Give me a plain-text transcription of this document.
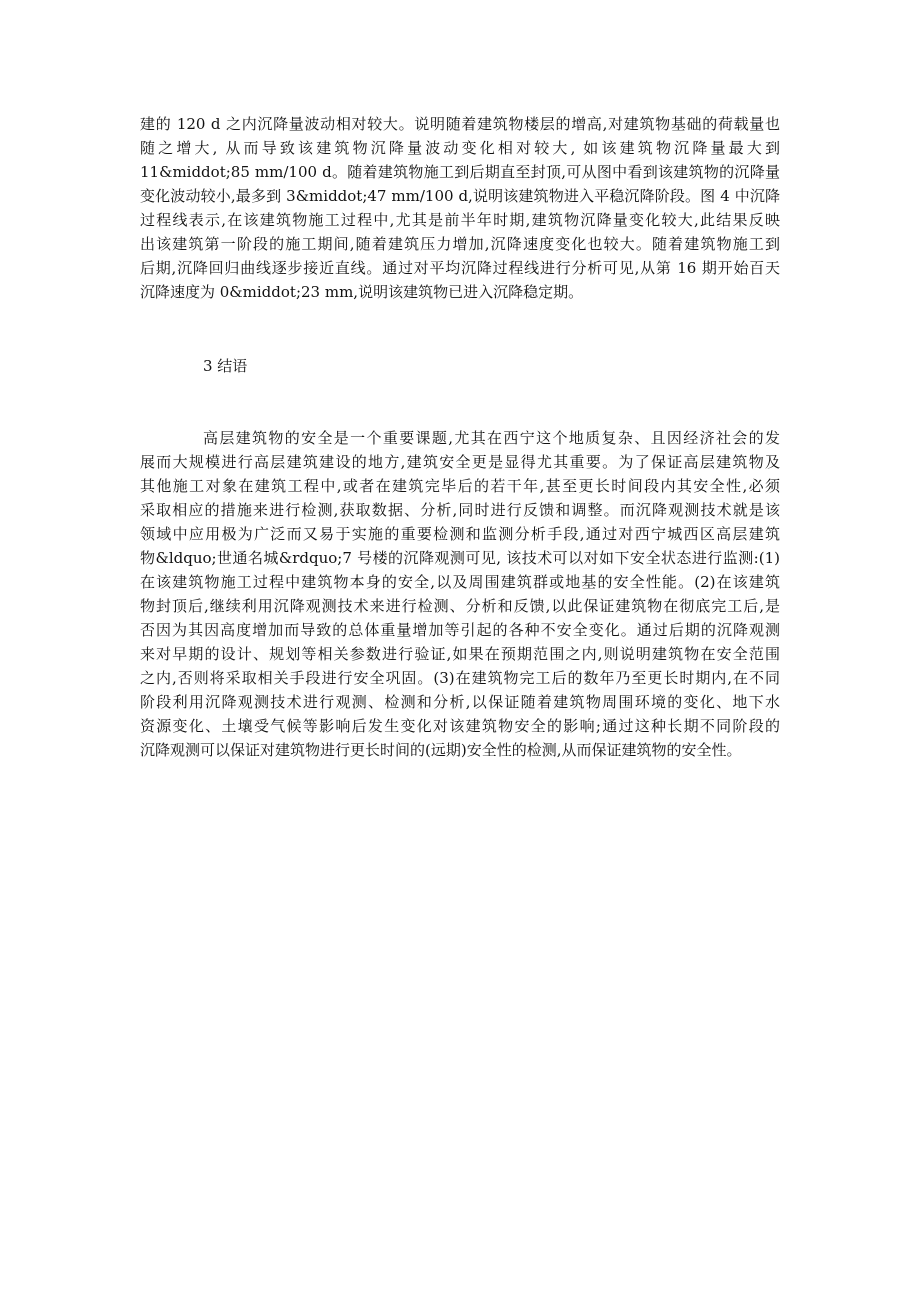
建的 120 d 之内沉降量波动相对较大。说明随着建筑物楼层的增高,对建筑物基础的荷载量也
随之增大, 从而导致该建筑物沉降量波动变化相对较大, 如该建筑物沉降量最大到
11&middot;85 mm/100 d。随着建筑物施工到后期直至封顶,可从图中看到该建筑物的沉降量
变化波动较小,最多到 3&middot;47 mm/100 d,说明该建筑物进入平稳沉降阶段。图 4 中沉降
过程线表示,在该建筑物施工过程中,尤其是前半年时期,建筑物沉降量变化较大,此结果反映
出该建筑第一阶段的施工期间,随着建筑压力增加,沉降速度变化也较大。随着建筑物施工到
后期,沉降回归曲线逐步接近直线。通过对平均沉降过程线进行分析可见,从第 16 期开始百天
沉降速度为 0&middot;23 mm,说明该建筑物已进入沉降稳定期。
3 结语
高层建筑物的安全是一个重要课题,尤其在西宁这个地质复杂、且因经济社会的发
展而大规模进行高层建筑建设的地方,建筑安全更是显得尤其重要。为了保证高层建筑物及
其他施工对象在建筑工程中,或者在建筑完毕后的若干年,甚至更长时间段内其安全性,必须
采取相应的措施来进行检测,获取数据、分析,同时进行反馈和调整。而沉降观测技术就是该
领域中应用极为广泛而又易于实施的重要检测和监测分析手段,通过对西宁城西区高层建筑
物&ldquo;世通名城&rdquo;7 号楼的沉降观测可见, 该技术可以对如下安全状态进行监测:(1)
在该建筑物施工过程中建筑物本身的安全,以及周围建筑群或地基的安全性能。(2)在该建筑
物封顶后,继续利用沉降观测技术来进行检测、分析和反馈,以此保证建筑物在彻底完工后,是
否因为其因高度增加而导致的总体重量增加等引起的各种不安全变化。通过后期的沉降观测
来对早期的设计、规划等相关参数进行验证,如果在预期范围之内,则说明建筑物在安全范围
之内,否则将采取相关手段进行安全巩固。(3)在建筑物完工后的数年乃至更长时期内,在不同
阶段利用沉降观测技术进行观测、检测和分析,以保证随着建筑物周围环境的变化、地下水
资源变化、土壤受气候等影响后发生变化对该建筑物安全的影响;通过这种长期不同阶段的
沉降观测可以保证对建筑物进行更长时间的(远期)安全性的检测,从而保证建筑物的安全性。
